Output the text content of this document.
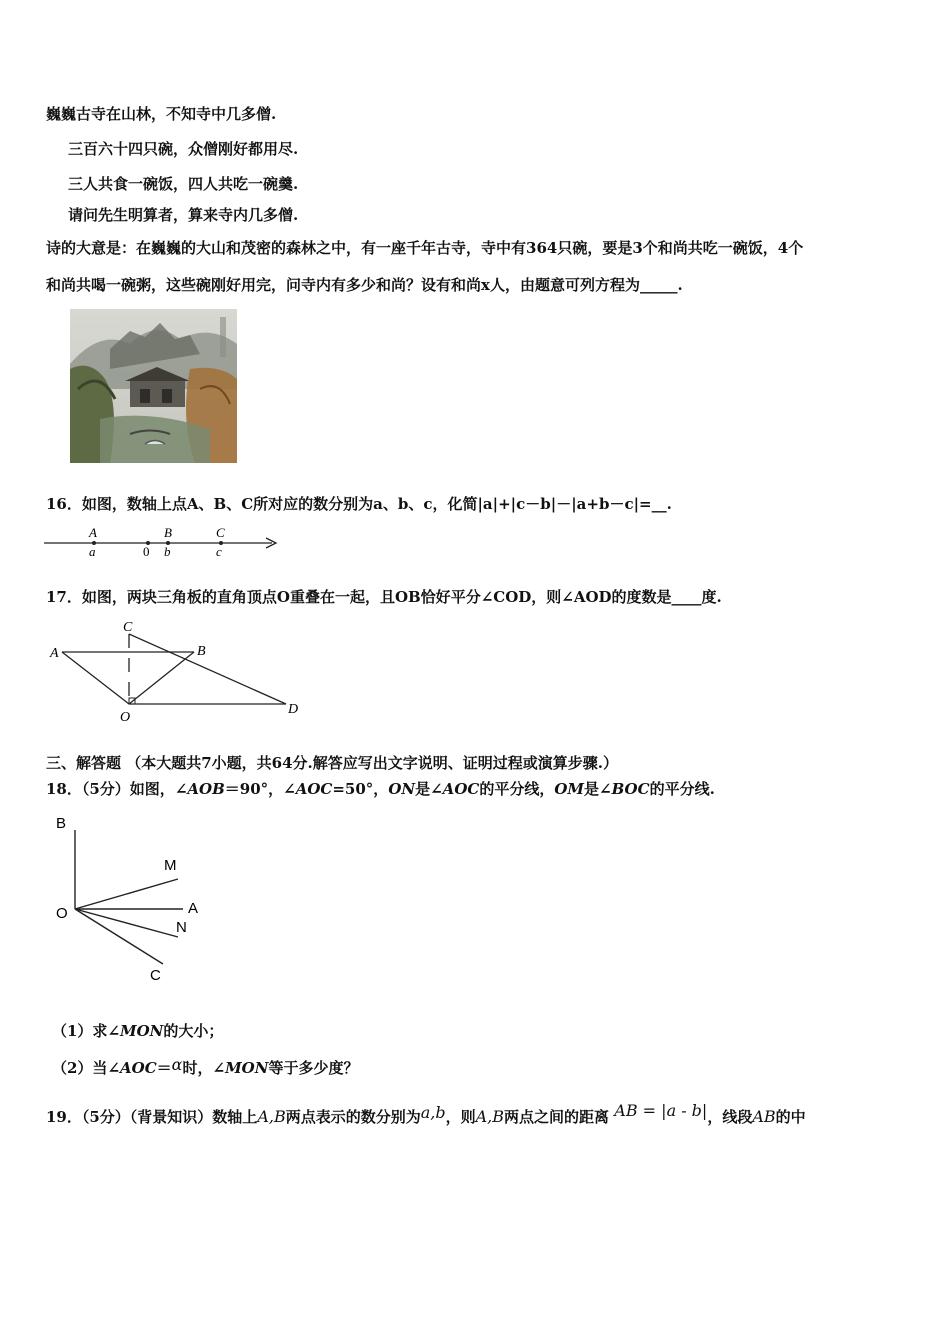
巍巍古寺在山林，不知寺中几多僧.
三百六十四只碗，众僧刚好都用尽.
三人共食一碗饭，四人共吃一碗羹.
请问先生明算者，算来寺内几多僧.
诗的大意是：在巍巍的大山和茂密的森林之中，有一座千年古寺，寺中有364只碗，要是3个和尚共吃一碗饭，4个
和尚共喝一碗粥，这些碗刚好用完，问寺内有多少和尚？设有和尚x人，由题意可列方程为_____.
16．如图，数轴上点A、B、C所对应的数分别为a、b、c，化简|a|+|c－b|－|a+b－c|=__.
A
a	0
B
b
C
c
17．如图，两块三角板的直角顶点O重叠在一起，且OB恰好平分∠COD，则∠AOD的度数是____度.
A	B
C
D
O
三、解答题 （本大题共7小题，共64分.解答应写出文字说明、证明过程或演算步骤.）
18．（5分）如图，∠AOB＝90°，∠AOC=50°，ON是∠AOC的平分线，OM是∠BOC的平分线.
B
M
O	A
N
C
（1）求∠MON的大小；
（2）当∠AOC＝α时，∠MON等于多少度？
19．（5分）（背景知识）数轴上A,B两点表示的数分别为a,b，则A,B两点之间的距离 AB = |a - b|，线段AB的中
